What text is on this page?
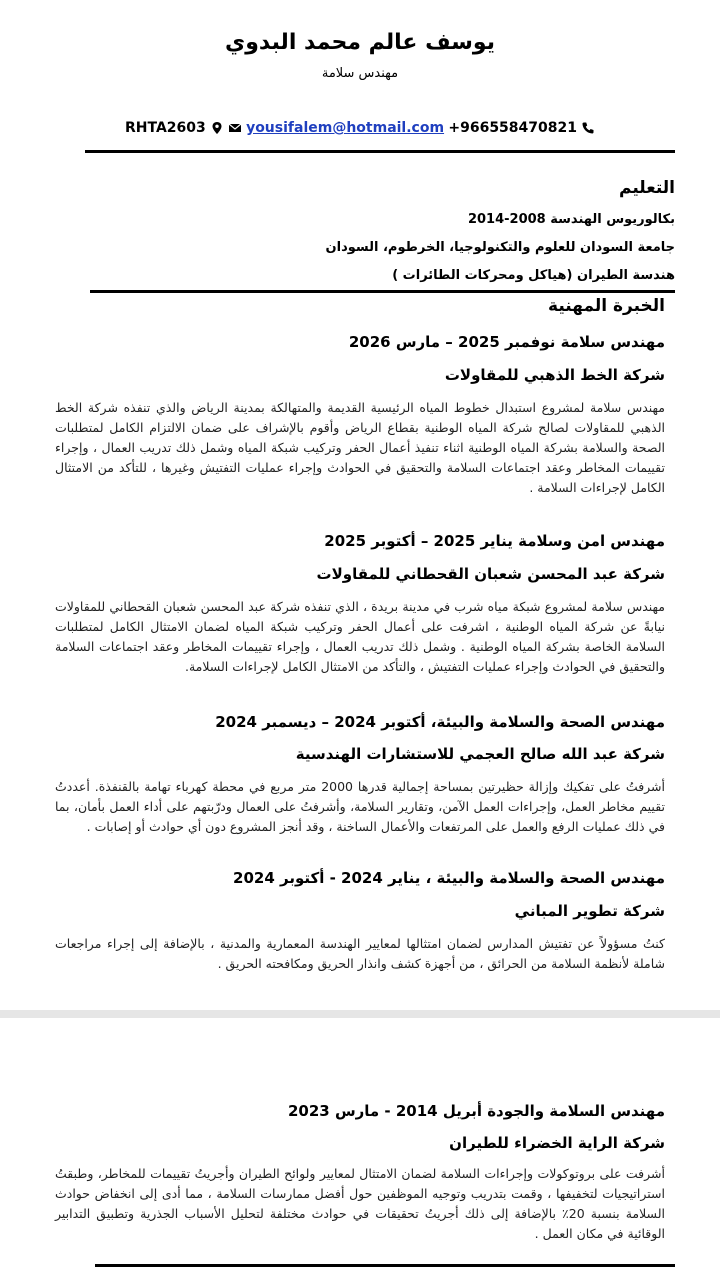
يوسف عالم محمد البدوي
مهندس سلامة
RHTA2603	yousifalem@hotmail.com +966558470821
التعليم
بكالوريوس الهندسة 2008-2014
جامعة السودان للعلوم والتكنولوجيا، الخرطوم، السودان
هندسة الطيران (هياكل ومحركات الطائرات )
الخبرة المهنية
مهندس سلامة نوفمبر 2025 – مارس 2026
شركة الخط الذهبي للمقاولات
مهندس سلامة لمشروع استبدال خطوط المياه الرئيسية القديمة والمتهالكة بمدينة الرياض والذي تنفذه شركة الخط الذهبي للمقاولات لصالح شركة المياه الوطنية بقطاع الرياض وأقوم بالإشراف على ضمان الالتزام الكامل لمتطلبات الصحة والسلامة بشركة المياه الوطنية اثناء تنفيذ أعمال الحفر وتركيب شبكة المياه وشمل ذلك تدريب العمال ، وإجراء تقييمات المخاطر وعقد اجتماعات السلامة والتحقيق في الحوادث وإجراء عمليات التفتيش وغيرها ، للتأكد من الامتثال الكامل لإجراءات السلامة .
مهندس امن وسلامة يناير 2025 – أكتوبر 2025
شركة عبد المحسن شعبان القحطاني للمقاولات
مهندس سلامة لمشروع شبكة مياه شرب في مدينة بريدة ، الذي تنفذه شركة عبد المحسن شعبان القحطاني للمقاولات نيابةً عن شركة المياه الوطنية ، اشرفت على أعمال الحفر وتركيب شبكة المياه لضمان الامتثال الكامل لمتطلبات السلامة الخاصة بشركة المياه الوطنية . وشمل ذلك تدريب العمال ، وإجراء تقييمات المخاطر وعقد اجتماعات السلامة والتحقيق في الحوادث وإجراء عمليات التفتيش ، والتأكد من الامتثال الكامل لإجراءات السلامة.
مهندس الصحة والسلامة والبيئة، أكتوبر 2024 – ديسمبر 2024
شركة عبد الله صالح العجمي للاستشارات الهندسية
أشرفتُ على تفكيك وإزالة حظيرتين بمساحة إجمالية قدرها 2000 متر مربع في محطة كهرباء تهامة بالقنفذة. أعددتُ تقييم مخاطر العمل، وإجراءات العمل الآمن، وتقارير السلامة، وأشرفتُ على العمال ودرّبتهم على أداء العمل بأمان، بما في ذلك عمليات الرفع والعمل على المرتفعات والأعمال الساخنة ، وقد أنجز المشروع دون أي حوادث أو إصابات .
مهندس الصحة والسلامة والبيئة ، يناير 2024 - أكتوبر 2024
شركة تطوير المباني
كنتُ مسؤولاً عن تفتيش المدارس لضمان امتثالها لمعايير الهندسة المعمارية والمدنية ، بالإضافة إلى إجراء مراجعات شاملة لأنظمة السلامة من الحرائق ، من أجهزة كشف وانذار الحريق ومكافحته الحريق .
مهندس السلامة والجودة أبريل 2014 - مارس 2023
شركة الراية الخضراء للطيران
أشرفت على بروتوكولات وإجراءات السلامة لضمان الامتثال لمعايير ولوائح الطيران وأجريتُ تقييمات للمخاطر، وطبقتُ استراتيجيات لتخفيفها ، وقمت بتدريب وتوجيه الموظفين حول أفضل ممارسات السلامة ، مما أدى إلى انخفاض حوادث السلامة بنسبة 20٪ بالإضافة إلى ذلك أجريتُ تحقيقات في حوادث مختلفة لتحليل الأسباب الجذرية وتطبيق التدابير الوقائية في مكان العمل .
